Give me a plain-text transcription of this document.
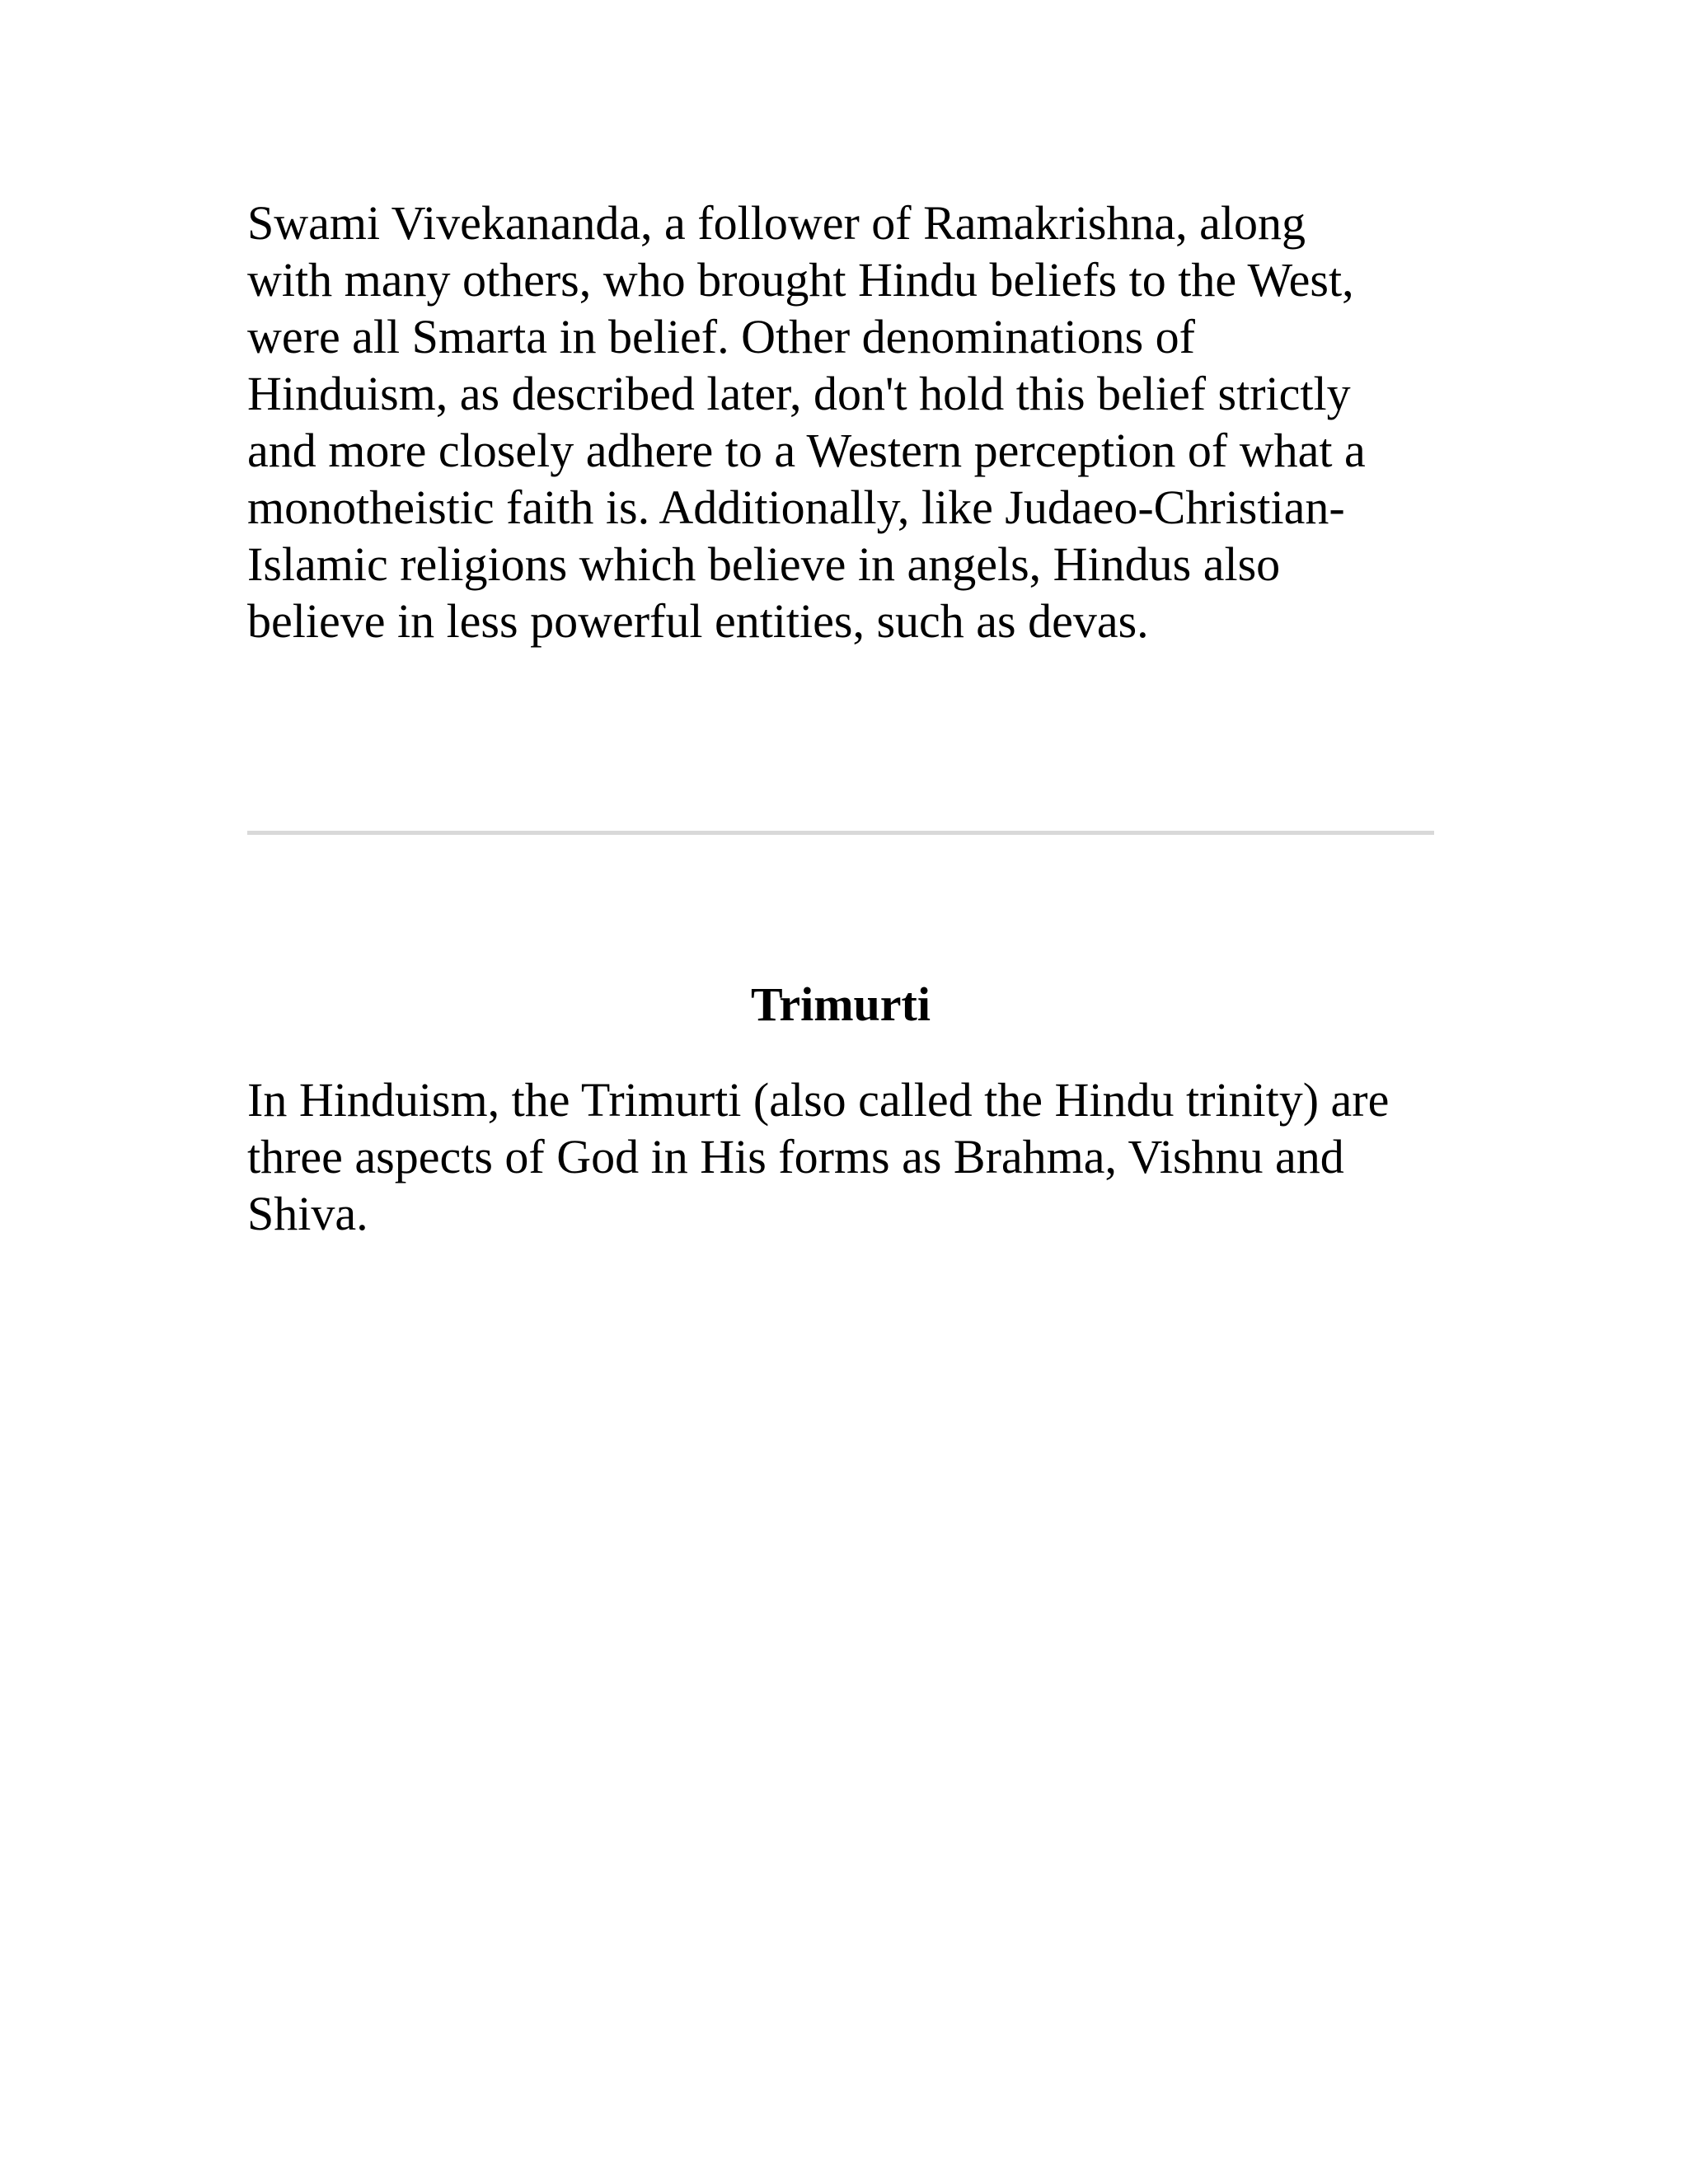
Swami Vivekananda, a follower of Ramakrishna, along
with many others, who brought Hindu beliefs to the West,
were all Smarta in belief. Other denominations of
Hinduism, as described later, don't hold this belief strictly
and more closely adhere to a Western perception of what a
monotheistic faith is. Additionally, like Judaeo-Christian-
Islamic religions which believe in angels, Hindus also
believe in less powerful entities, such as devas.

Trimurti

In Hinduism, the Trimurti (also called the Hindu trinity) are
three aspects of God in His forms as Brahma, Vishnu and
Shiva.
